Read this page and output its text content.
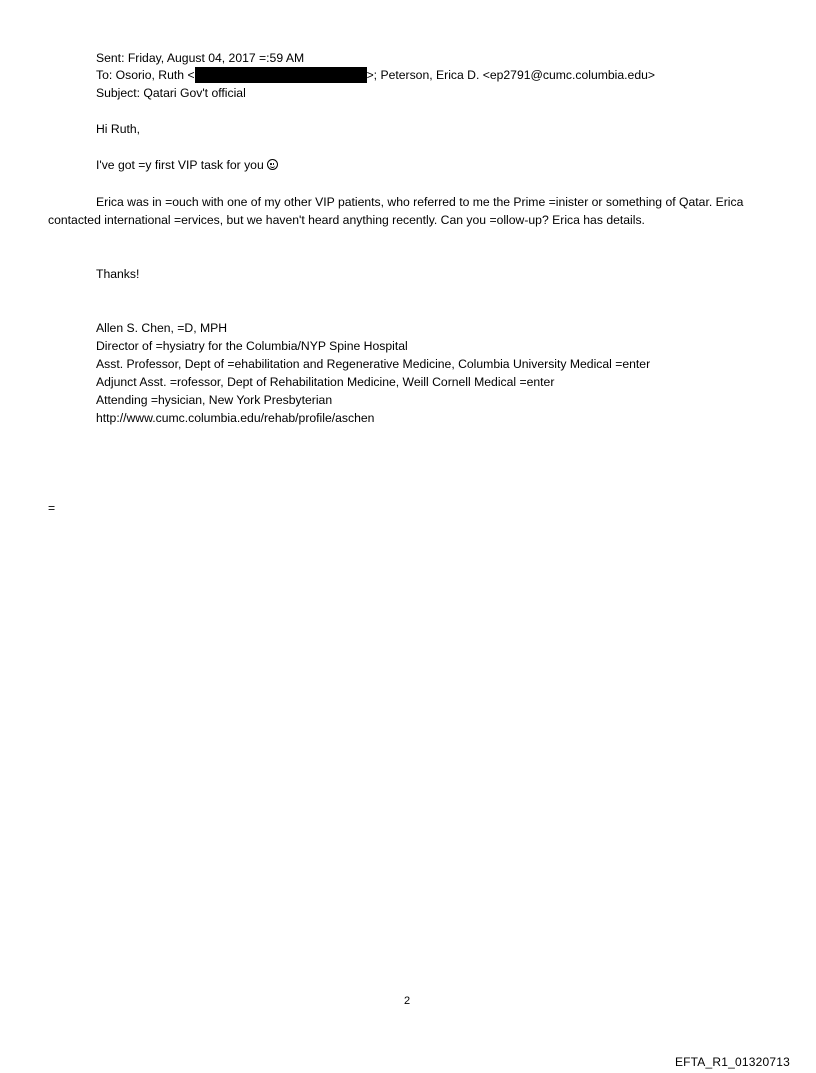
Sent: Friday, August 04, 2017 =:59 AM
To: Osorio, Ruth <	>; Peterson, Erica D. <ep2791@cumc.columbia.edu>
Subject: Qatari Gov't official
Hi Ruth,
I've got =y first VIP task for you
Erica was in =ouch with one of my other VIP patients, who referred to me the Prime =inister or something of Qatar. Erica contacted international =ervices, but we haven't heard anything recently. Can you =ollow-up? Erica has details.
Thanks!
Allen S. Chen, =D, MPH
Director of =hysiatry for the Columbia/NYP Spine Hospital
Asst. Professor, Dept of =ehabilitation and Regenerative Medicine, Columbia University Medical =enter
Adjunct Asst. =rofessor, Dept of Rehabilitation Medicine, Weill Cornell Medical =enter
Attending =hysician, New York Presbyterian
http://www.cumc.columbia.edu/rehab/profile/aschen
=
2
EFTA_R1_01320713
